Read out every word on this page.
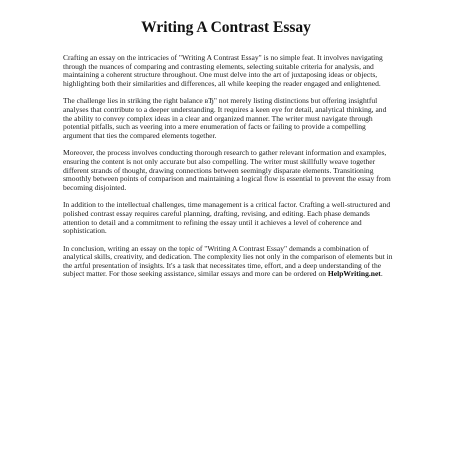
Writing A Contrast Essay

Crafting an essay on the intricacies of "Writing A Contrast Essay" is no simple feat. It involves navigating through the nuances of comparing and contrasting elements, selecting suitable criteria for analysis, and maintaining a coherent structure throughout. One must delve into the art of juxtaposing ideas or objects, highlighting both their similarities and differences, all while keeping the reader engaged and enlightened.

The challenge lies in striking the right balance вЂ" not merely listing distinctions but offering insightful analyses that contribute to a deeper understanding. It requires a keen eye for detail, analytical thinking, and the ability to convey complex ideas in a clear and organized manner. The writer must navigate through potential pitfalls, such as veering into a mere enumeration of facts or failing to provide a compelling argument that ties the compared elements together.

Moreover, the process involves conducting thorough research to gather relevant information and examples, ensuring the content is not only accurate but also compelling. The writer must skillfully weave together different strands of thought, drawing connections between seemingly disparate elements. Transitioning smoothly between points of comparison and maintaining a logical flow is essential to prevent the essay from becoming disjointed.

In addition to the intellectual challenges, time management is a critical factor. Crafting a well-structured and polished contrast essay requires careful planning, drafting, revising, and editing. Each phase demands attention to detail and a commitment to refining the essay until it achieves a level of coherence and sophistication.

In conclusion, writing an essay on the topic of "Writing A Contrast Essay" demands a combination of analytical skills, creativity, and dedication. The complexity lies not only in the comparison of elements but in the artful presentation of insights. It's a task that necessitates time, effort, and a deep understanding of the subject matter. For those seeking assistance, similar essays and more can be ordered on HelpWriting.net.
